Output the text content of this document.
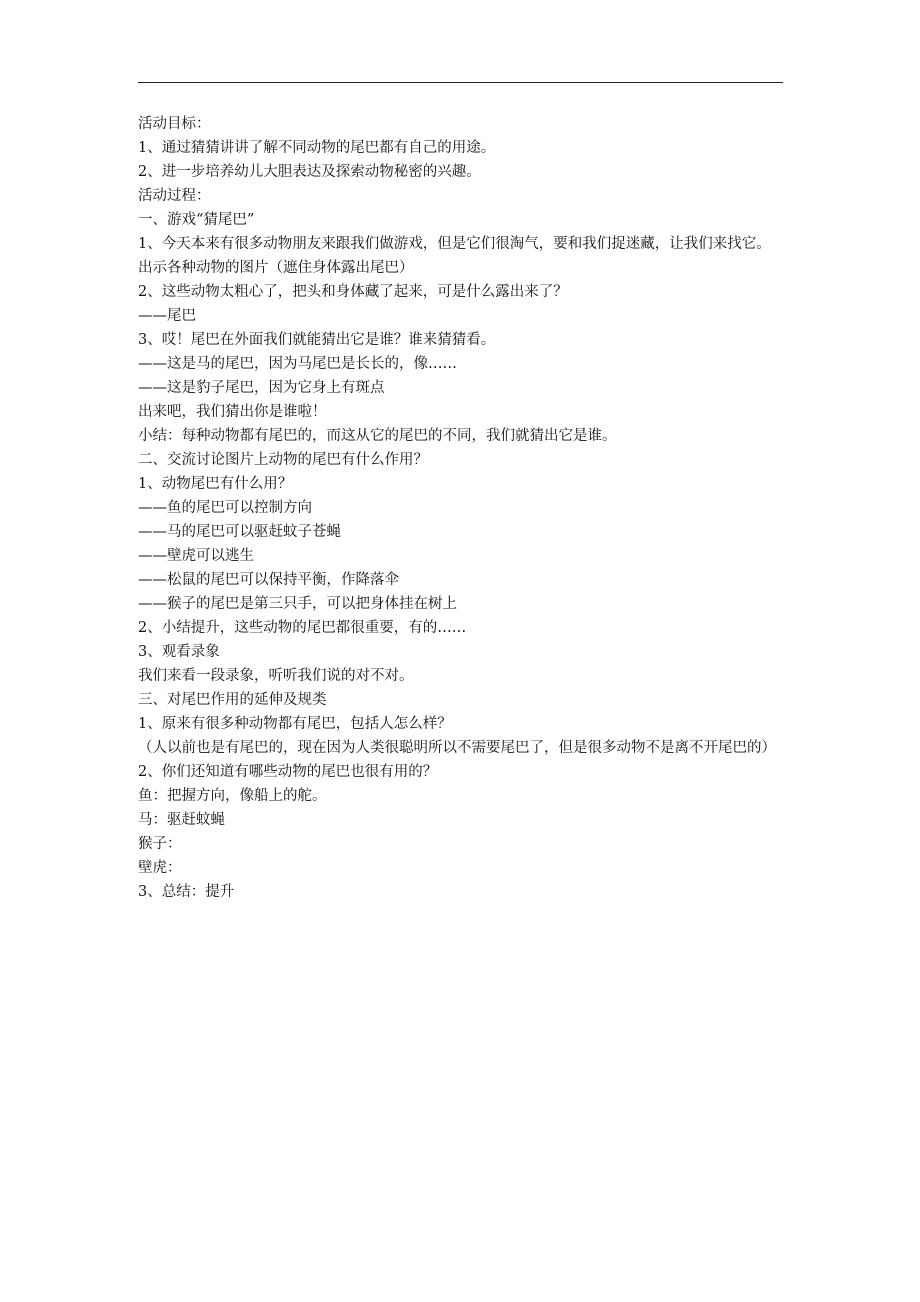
活动目标：

1、通过猜猜讲讲了解不同动物的尾巴都有自己的用途。

2、进一步培养幼儿大胆表达及探索动物秘密的兴趣。

活动过程：

一、游戏“猜尾巴”

1、今天本来有很多动物朋友来跟我们做游戏，但是它们很淘气，要和我们捉迷藏，让我们来找它。

出示各种动物的图片（遮住身体露出尾巴）

2、这些动物太粗心了，把头和身体藏了起来，可是什么露出来了？

——尾巴

3、哎！尾巴在外面我们就能猜出它是谁？谁来猜猜看。

——这是马的尾巴，因为马尾巴是长长的，像……

——这是豹子尾巴，因为它身上有斑点

出来吧，我们猜出你是谁啦！

小结：每种动物都有尾巴的，而这从它的尾巴的不同，我们就猜出它是谁。

二、交流讨论图片上动物的尾巴有什么作用？

1、动物尾巴有什么用？

——鱼的尾巴可以控制方向

——马的尾巴可以驱赶蚊子苍蝇

——壁虎可以逃生

——松鼠的尾巴可以保持平衡，作降落伞

——猴子的尾巴是第三只手，可以把身体挂在树上

2、小结提升，这些动物的尾巴都很重要，有的……

3、观看录象

我们来看一段录象，听听我们说的对不对。

三、对尾巴作用的延伸及规类

1、原来有很多种动物都有尾巴，包括人怎么样？

（人以前也是有尾巴的，现在因为人类很聪明所以不需要尾巴了，但是很多动物不是离不开尾巴的）

2、你们还知道有哪些动物的尾巴也很有用的？

鱼：把握方向，像船上的舵。

马：驱赶蚊蝇

猴子：

壁虎：

3、总结：提升
